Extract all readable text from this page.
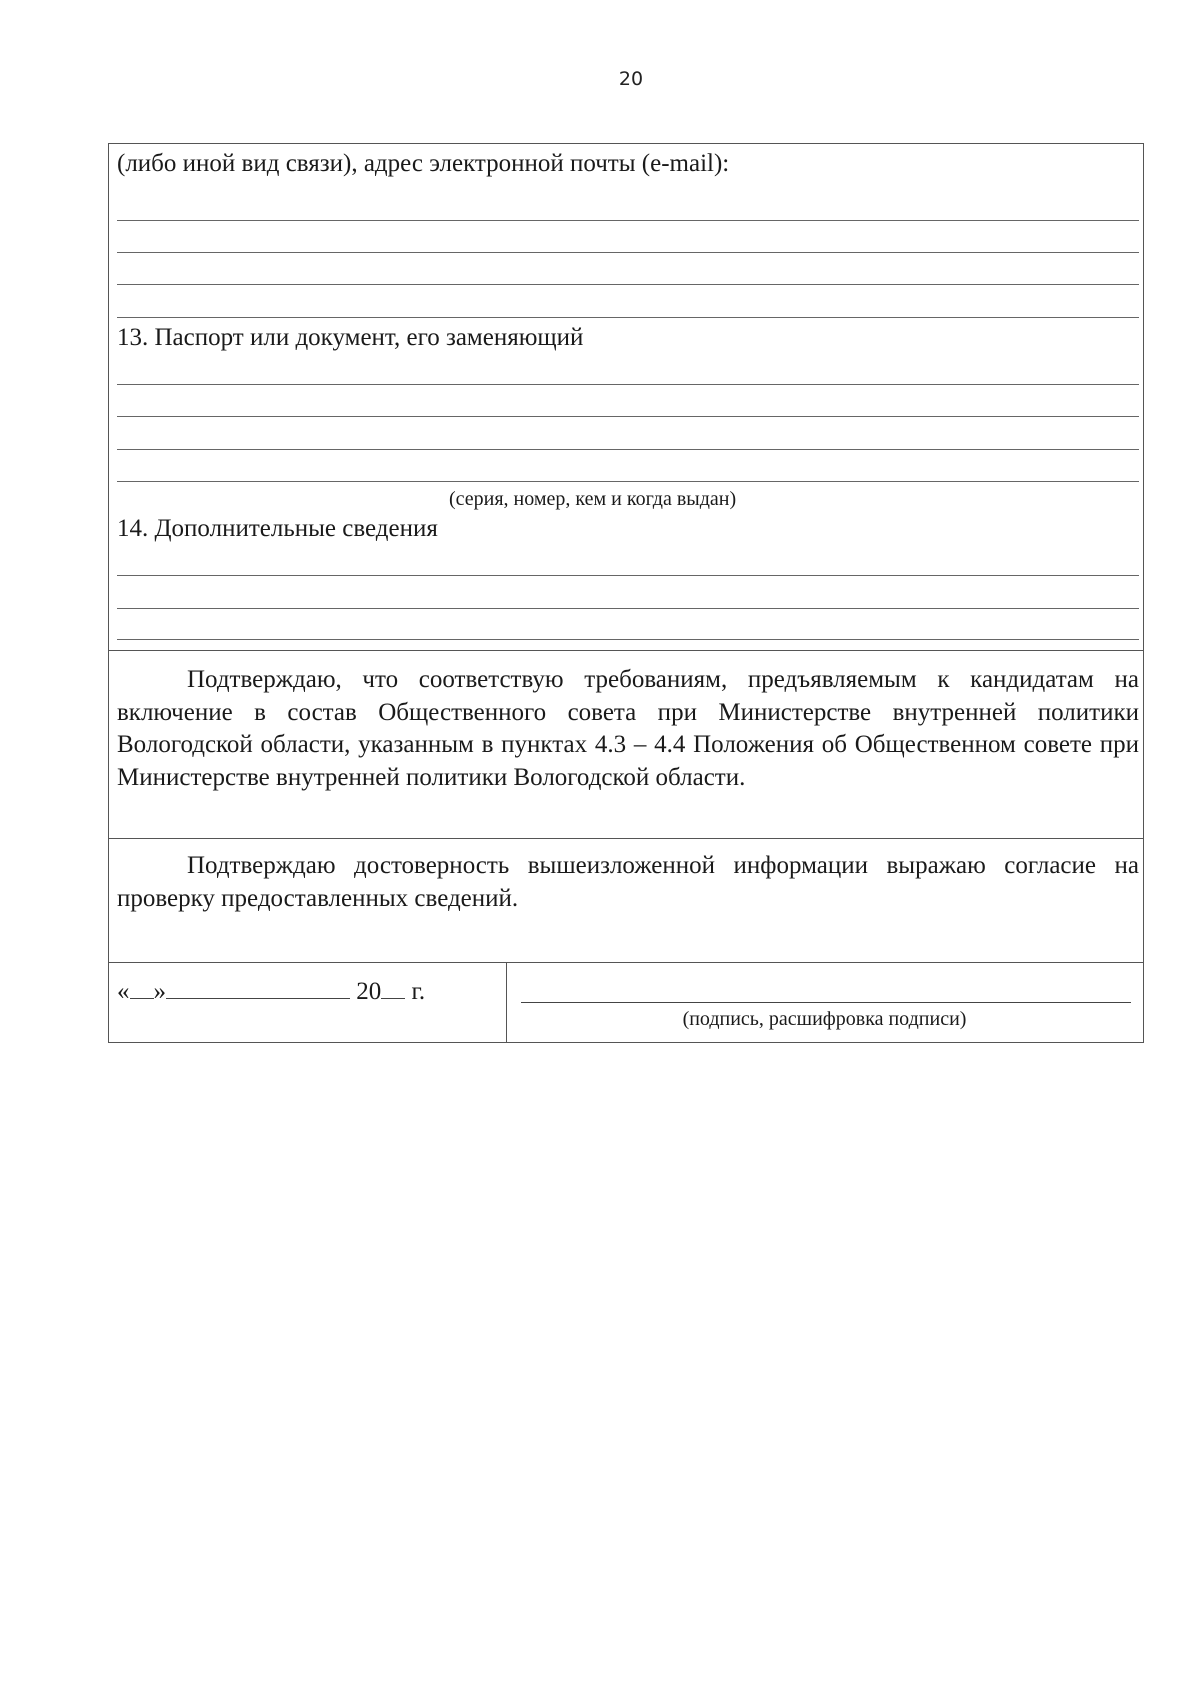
20
(либо иной вид связи), адрес электронной почты (e-mail):
13. Паспорт или документ, его заменяющий
(серия, номер, кем и когда выдан)
14. Дополнительные сведения
Подтверждаю, что соответствую требованиям, предъявляемым к кандидатам на включение в состав Общественного совета при Министерстве внутренней политики Вологодской области, указанным в пунктах 4.3 – 4.4 Положения об Общественном совете при Министерстве внутренней политики Вологодской области.
Подтверждаю достоверность вышеизложенной информации выражаю согласие на проверку предоставленных сведений.
« »	20 г.
(подпись, расшифровка подписи)
